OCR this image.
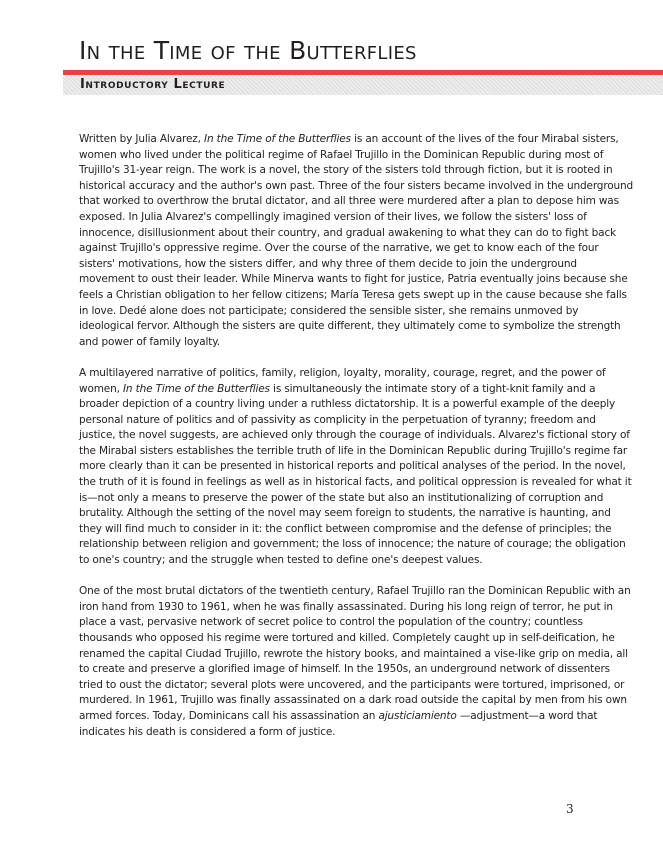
In the Time of the Butterflies
Introductory Lecture

Written by Julia Alvarez, In the Time of the Butterflies is an account of the lives of the four Mirabal sisters, women who lived under the political regime of Rafael Trujillo in the Dominican Republic during most of Trujillo's 31-year reign. The work is a novel, the story of the sisters told through fiction, but it is rooted in historical accuracy and the author's own past. Three of the four sisters became involved in the underground that worked to overthrow the brutal dictator, and all three were murdered after a plan to depose him was exposed. In Julia Alvarez's compellingly imagined version of their lives, we follow the sisters' loss of innocence, disillusionment about their country, and gradual awakening to what they can do to fight back against Trujillo's oppressive regime. Over the course of the narrative, we get to know each of the four sisters' motivations, how the sisters differ, and why three of them decide to join the underground movement to oust their leader. While Minerva wants to fight for justice, Patria eventually joins because she feels a Christian obligation to her fellow citizens; María Teresa gets swept up in the cause because she falls in love. Dedé alone does not participate; considered the sensible sister, she remains unmoved by ideological fervor. Although the sisters are quite different, they ultimately come to symbolize the strength and power of family loyalty.

A multilayered narrative of politics, family, religion, loyalty, morality, courage, regret, and the power of women, In the Time of the Butterflies is simultaneously the intimate story of a tight-knit family and a broader depiction of a country living under a ruthless dictatorship. It is a powerful example of the deeply personal nature of politics and of passivity as complicity in the perpetuation of tyranny; freedom and justice, the novel suggests, are achieved only through the courage of individuals. Alvarez's fictional story of the Mirabal sisters establishes the terrible truth of life in the Dominican Republic during Trujillo's regime far more clearly than it can be presented in historical reports and political analyses of the period. In the novel, the truth of it is found in feelings as well as in historical facts, and political oppression is revealed for what it is—not only a means to preserve the power of the state but also an institutionalizing of corruption and brutality. Although the setting of the novel may seem foreign to students, the narrative is haunting, and they will find much to consider in it: the conflict between compromise and the defense of principles; the relationship between religion and government; the loss of innocence; the nature of courage; the obligation to one's country; and the struggle when tested to define one's deepest values.

One of the most brutal dictators of the twentieth century, Rafael Trujillo ran the Dominican Republic with an iron hand from 1930 to 1961, when he was finally assassinated. During his long reign of terror, he put in place a vast, pervasive network of secret police to control the population of the country; countless thousands who opposed his regime were tortured and killed. Completely caught up in self-deification, he renamed the capital Ciudad Trujillo, rewrote the history books, and maintained a vise-like grip on media, all to create and preserve a glorified image of himself. In the 1950s, an underground network of dissenters tried to oust the dictator; several plots were uncovered, and the participants were tortured, imprisoned, or murdered. In 1961, Trujillo was finally assassinated on a dark road outside the capital by men from his own armed forces. Today, Dominicans call his assassination an ajusticiamiento —adjustment—a word that indicates his death is considered a form of justice.

3
